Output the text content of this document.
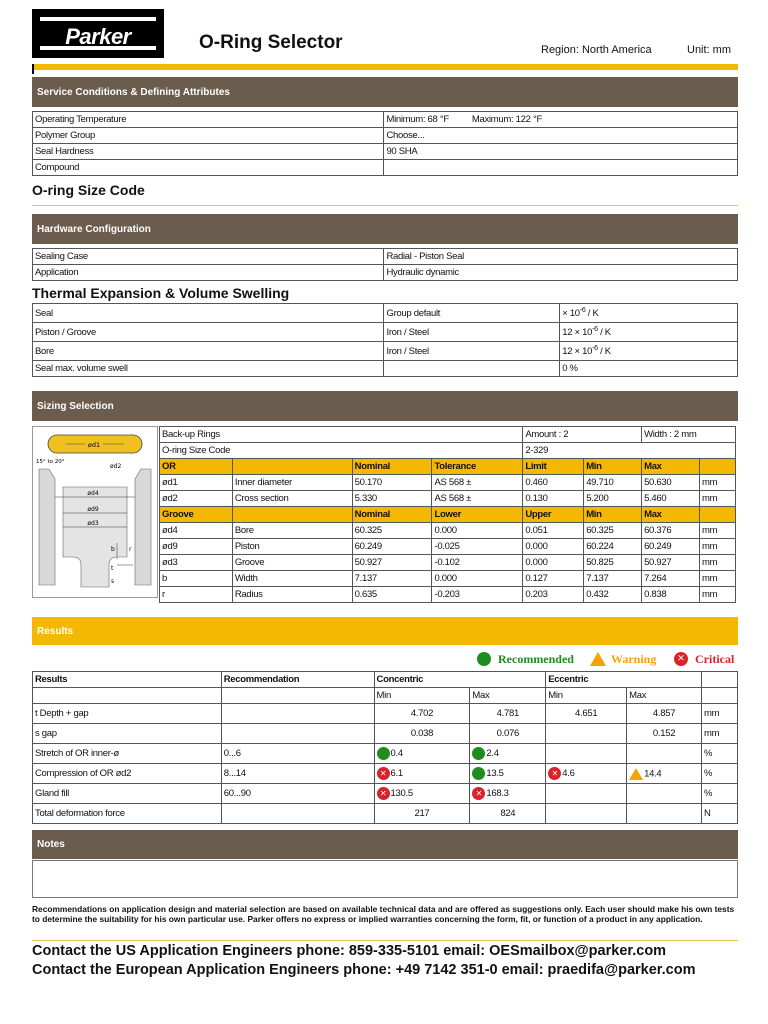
Parker	O-Ring Selector	Region: North America	Unit: mm
Service Conditions & Defining Attributes
Operating Temperature	Minimum: 68 °F	Maximum: 122 °F
Polymer Group	Choose...	
Seal Hardness	90 SHA	
Compound		
O-ring Size Code
Hardware Configuration
Sealing Case	Radial - Piston Seal
Application	Hydraulic dynamic
Thermal Expansion & Volume Swelling
Seal	Group default	× $10^{-6}$ / K
Piston / Groove	Iron / Steel	$12 \times 10^{-6} / K$
Bore	Iron / Steel	$12 \times 10^{-6} / K$
Seal max. volume swell		0 %
Sizing Selection
ød1
ød2
15° to 20°
ød4
ød9
ød3
b r
t
s
Back-up Rings				Amount : 2		Width : 2 mm	
O-ring Size Code				2-329			
OR		Nominal	Tolerance	Limit	Min	Max	
ød1	Inner diameter	50.170	AS 568 ±	0.460	49.710	50.630	mm
ød2	Cross section	5.330	AS 568 ±	0.130	5.200	5.460	mm
Groove		Nominal	Lower	Upper	Min	Max	
ød4	Bore	60.325	0.000	0.051	60.325	60.376	mm
ød9	Piston	60.249	-0.025	0.000	60.224	60.249	mm
ød3	Groove	50.927	-0.102	0.000	50.825	50.927	mm
b	Width	7.137	0.000	0.127	7.137	7.264	mm
r	Radius	0.635	-0.203	0.203	0.432	0.838	mm
Results
Recommended	Warning	✕ Critical
Results	Recommendation	Concentric		Eccentric		
		Min	Max	Min	Max	
t Depth + gap		4.702	4.781	4.651	4.857	mm
s gap		0.038	0.076		0.152	mm
Stretch of OR inner-ø	0...6	0.4	2.4			%
Compression of OR ød2	8...14	✕ 6.1	13.5	✕ 4.6	14.4	%
Gland fill	60...90	✕ 130.5	✕ 168.3			%
Total deformation force		217	824			N
Notes
Recommendations on application design and material selection are based on available technical data and are offered as suggestions only. Each user should make his own tests to determine the suitability for his own particular use. Parker offers no express or implied warranties concerning the form, fit, or function of a product in any application.
Contact the US Application Engineers phone: 859-335-5101 email: OESmailbox@parker.com
Contact the European Application Engineers phone: +49 7142 351-0 email: praedifa@parker.com
